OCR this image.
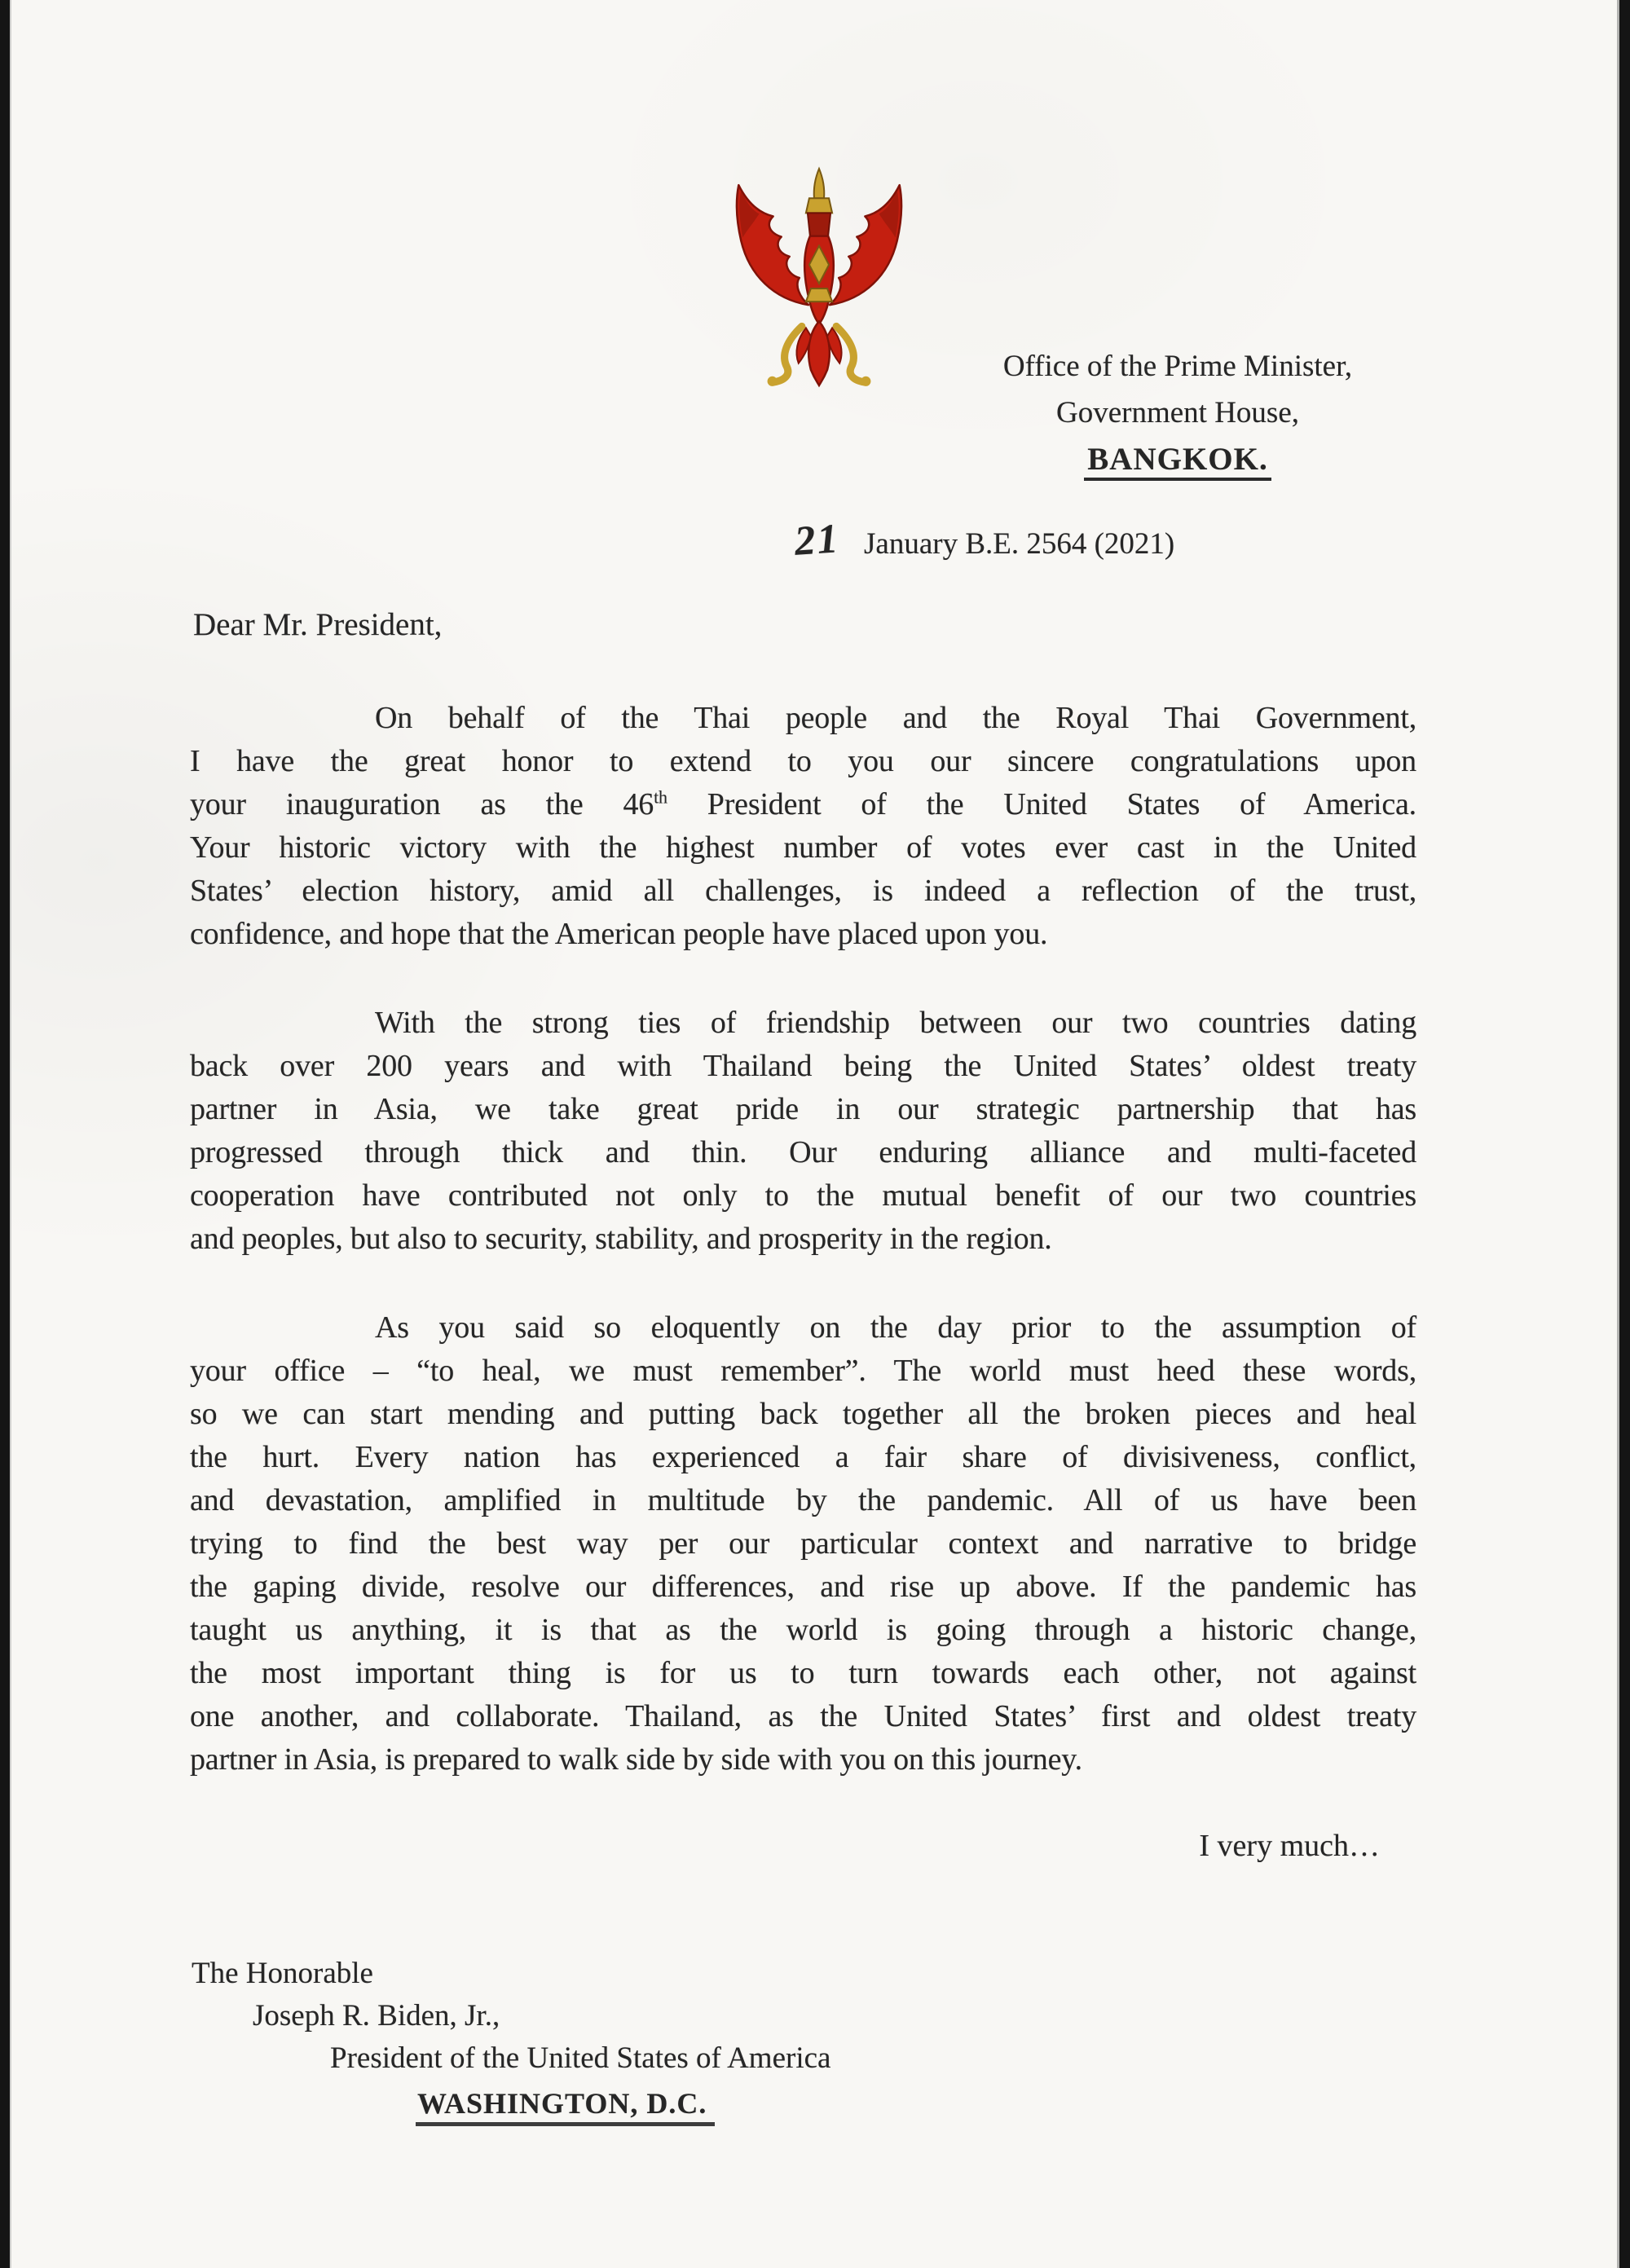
Office of the Prime Minister,
Government House,
BANGKOK.
21 January B.E. 2564 (2021)
Dear Mr. President,
On behalf of the Thai people and the Royal Thai Government,
I have the great honor to extend to you our sincere congratulations upon
your inauguration as the 46th President of the United States of America.
Your historic victory with the highest number of votes ever cast in the United
States’ election history, amid all challenges, is indeed a reflection of the trust,
confidence, and hope that the American people have placed upon you.
With the strong ties of friendship between our two countries dating
back over 200 years and with Thailand being the United States’ oldest treaty
partner in Asia, we take great pride in our strategic partnership that has
progressed through thick and thin. Our enduring alliance and multi-faceted
cooperation have contributed not only to the mutual benefit of our two countries
and peoples, but also to security, stability, and prosperity in the region.
As you said so eloquently on the day prior to the assumption of
your office – “to heal, we must remember”. The world must heed these words,
so we can start mending and putting back together all the broken pieces and heal
the hurt. Every nation has experienced a fair share of divisiveness, conflict,
and devastation, amplified in multitude by the pandemic. All of us have been
trying to find the best way per our particular context and narrative to bridge
the gaping divide, resolve our differences, and rise up above. If the pandemic has
taught us anything, it is that as the world is going through a historic change,
the most important thing is for us to turn towards each other, not against
one another, and collaborate. Thailand, as the United States’ first and oldest treaty
partner in Asia, is prepared to walk side by side with you on this journey.
I very much…
The Honorable
Joseph R. Biden, Jr.,
President of the United States of America
WASHINGTON, D.C.
